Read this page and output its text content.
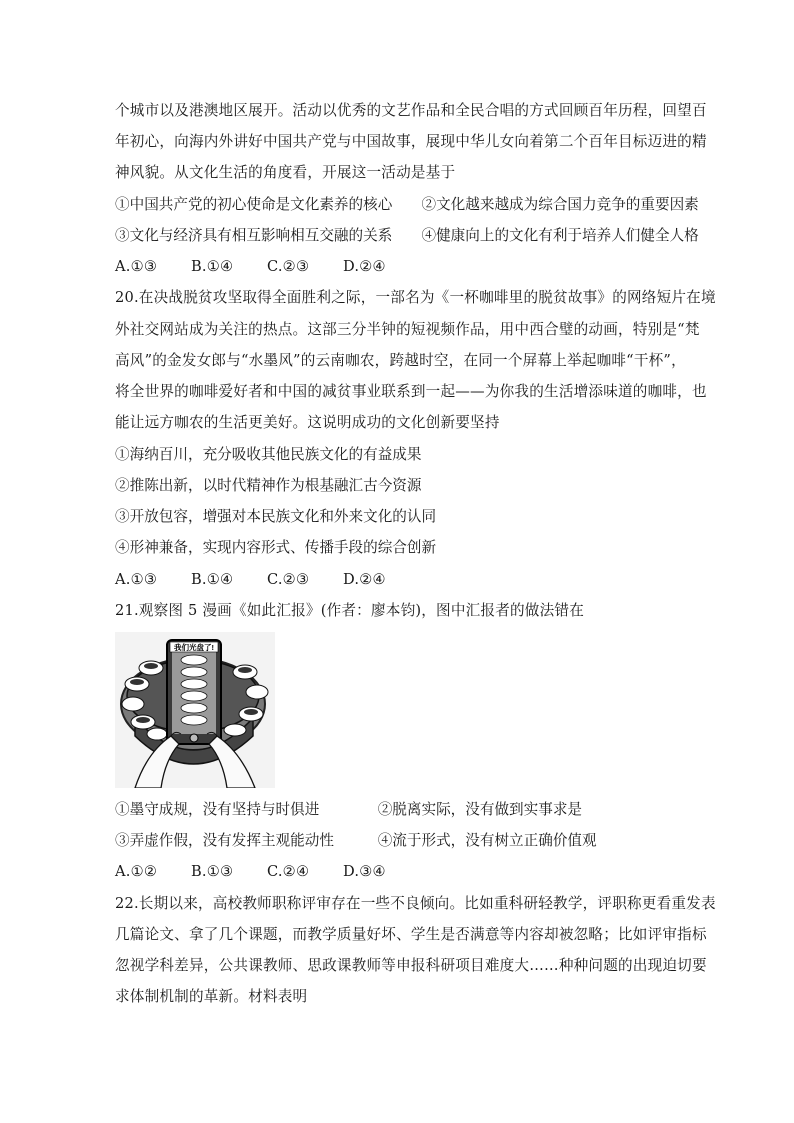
个城市以及港澳地区展开。活动以优秀的文艺作品和全民合唱的方式回顾百年历程，回望百
年初心，向海内外讲好中国共产党与中国故事，展现中华儿女向着第二个百年目标迈进的精
神风貌。从文化生活的角度看，开展这一活动是基于
①中国共产党的初心使命是文化素养的核心　　②文化越来越成为综合国力竞争的重要因素
③文化与经济具有相互影响相互交融的关系　　④健康向上的文化有利于培养人们健全人格
A.①③ B.①④ C.②③ D.②④
20.在决战脱贫攻坚取得全面胜利之际，一部名为《一杯咖啡里的脱贫故事》的网络短片在境
外社交网站成为关注的热点。这部三分半钟的短视频作品，用中西合璧的动画，特别是“梵
高风”的金发女郎与“水墨风”的云南咖农，跨越时空，在同一个屏幕上举起咖啡“干杯”，
将全世界的咖啡爱好者和中国的减贫事业联系到一起——为你我的生活增添味道的咖啡，也
能让远方咖农的生活更美好。这说明成功的文化创新要坚持
①海纳百川，充分吸收其他民族文化的有益成果
②推陈出新，以时代精神作为根基融汇古今资源
③开放包容，增强对本民族文化和外来文化的认同
④形神兼备，实现内容形式、传播手段的综合创新
A.①③ B.①④ C.②③ D.②④
21.观察图 5 漫画《如此汇报》(作者：廖本钧)，图中汇报者的做法错在
我们光盘了!
①墨守成规，没有坚持与时俱进　　　　②脱离实际，没有做到实事求是
③弄虚作假，没有发挥主观能动性　　　④流于形式，没有树立正确价值观
A.①② B.①③ C.②④ D.③④
22.长期以来，高校教师职称评审存在一些不良倾向。比如重科研轻教学，评职称更看重发表
几篇论文、拿了几个课题，而教学质量好坏、学生是否满意等内容却被忽略；比如评审指标
忽视学科差异，公共课教师、思政课教师等申报科研项目难度大……种种问题的出现迫切要
求体制机制的革新。材料表明
